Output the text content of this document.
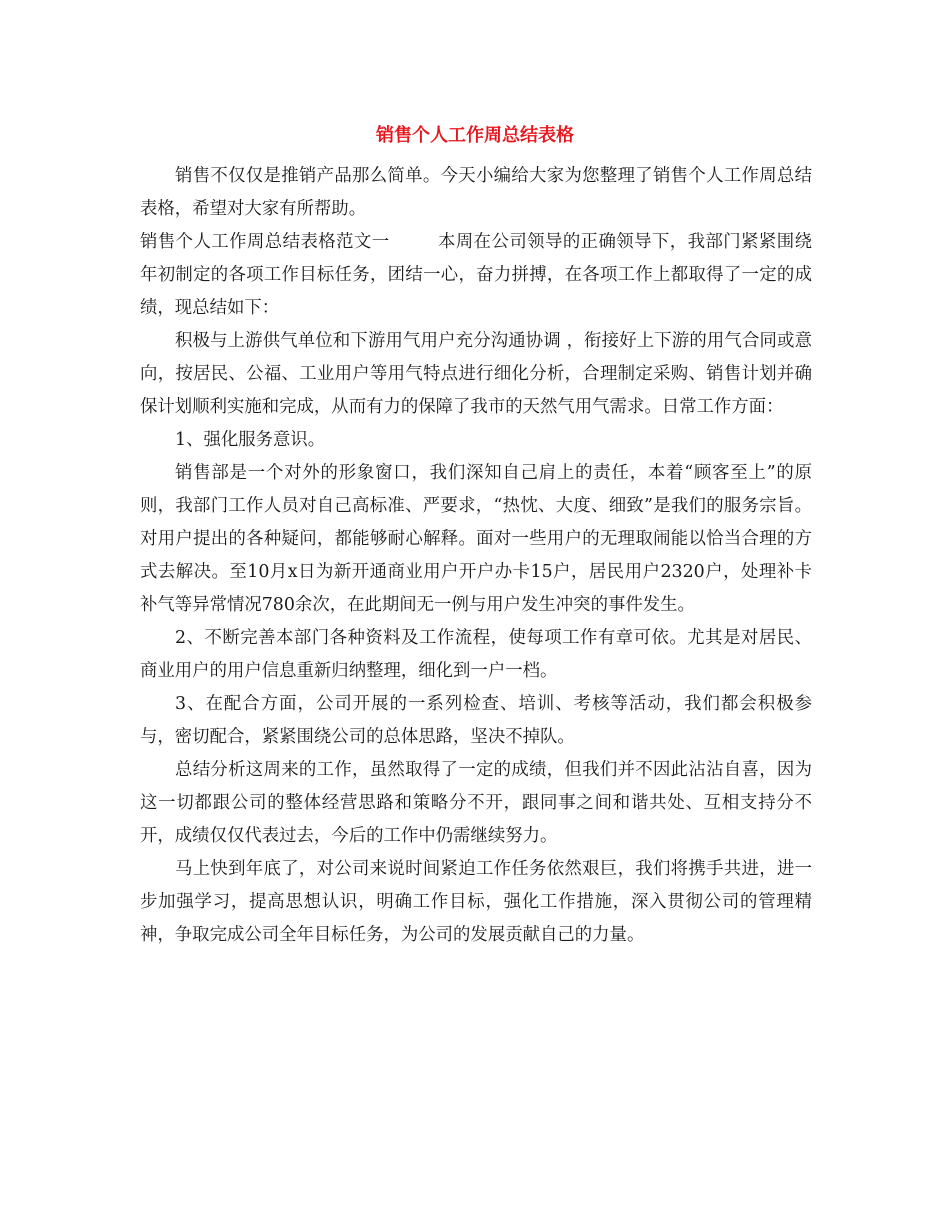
销售个人工作周总结表格

销售不仅仅是推销产品那么简单。今天小编给大家为您整理了销售个人工作周总结表格，希望对大家有所帮助。

销售个人工作周总结表格范文一	本周在公司领导的正确领导下，我部门紧紧围绕年初制定的各项工作目标任务，团结一心，奋力拼搏，在各项工作上都取得了一定的成绩，现总结如下：

积极与上游供气单位和下游用气用户充分沟通协调 ，衔接好上下游的用气合同或意向，按居民、公福、工业用户等用气特点进行细化分析，合理制定采购、销售计划并确保计划顺利实施和完成，从而有力的保障了我市的天然气用气需求。日常工作方面：

1、强化服务意识。

销售部是一个对外的形象窗口，我们深知自己肩上的责任，本着“顾客至上”的原则，我部门工作人员对自己高标准、严要求，“热忱、大度、细致”是我们的服务宗旨。对用户提出的各种疑问，都能够耐心解释。面对一些用户的无理取闹能以恰当合理的方式去解决。至10月x日为新开通商业用户开户办卡15户，居民用户2320户，处理补卡补气等异常情况780余次，在此期间无一例与用户发生冲突的事件发生。

2、不断完善本部门各种资料及工作流程，使每项工作有章可依。尤其是对居民、商业用户的用户信息重新归纳整理，细化到一户一档。

3、在配合方面，公司开展的一系列检查、培训、考核等活动，我们都会积极参与，密切配合，紧紧围绕公司的总体思路，坚决不掉队。

总结分析这周来的工作，虽然取得了一定的成绩，但我们并不因此沾沾自喜，因为这一切都跟公司的整体经营思路和策略分不开，跟同事之间和谐共处、互相支持分不开，成绩仅仅代表过去，今后的工作中仍需继续努力。

马上快到年底了，对公司来说时间紧迫工作任务依然艰巨，我们将携手共进，进一步加强学习，提高思想认识，明确工作目标，强化工作措施，深入贯彻公司的管理精神，争取完成公司全年目标任务，为公司的发展贡献自己的力量。
